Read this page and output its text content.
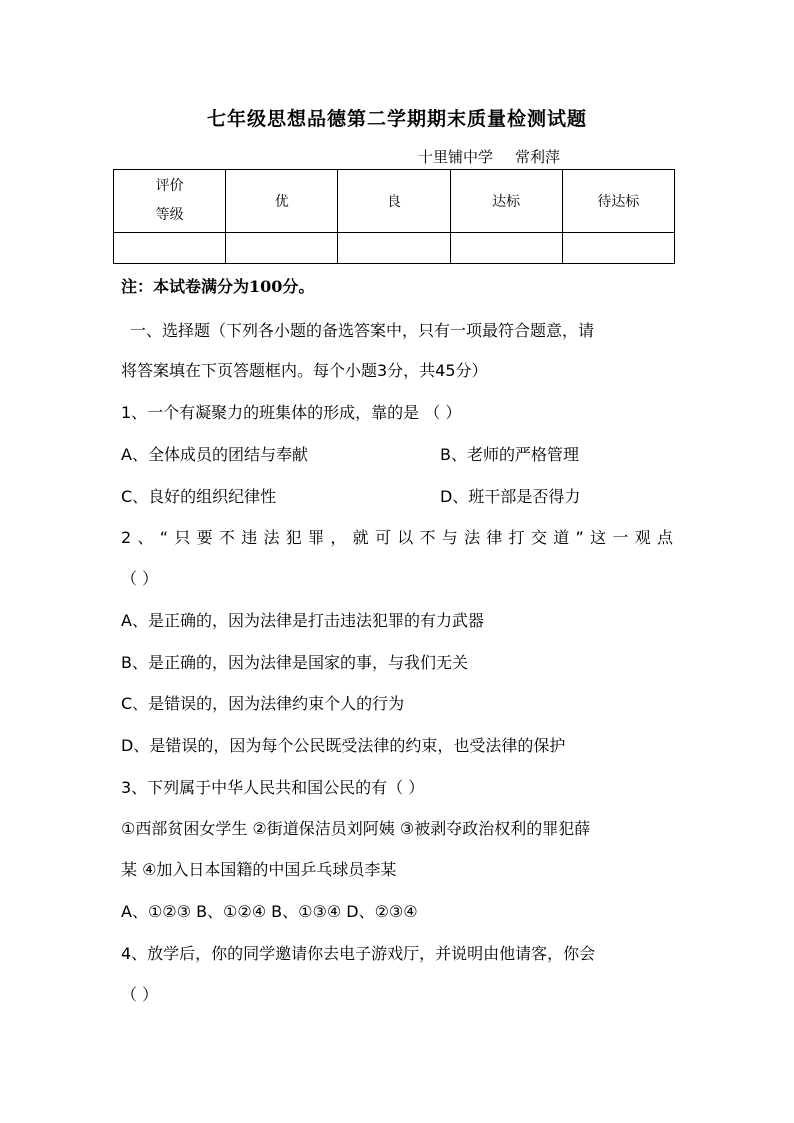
七年级思想品德第二学期期末质量检测试题
十里铺中学 常利萍
评价
等级	优	良	达标	待达标

注：本试卷满分为100分。
一、选择题（下列各小题的备选答案中，只有一项最符合题意，请
将答案填在下页答题框内。每个小题3分，共45分）
1、一个有凝聚力的班集体的形成，靠的是 （ ）
A、全体成员的团结与奉献	B、老师的严格管理
C、良好的组织纪律性	D、班干部是否得力
2、“只要不违法犯罪，就可以不与法律打交道”这一观点
（ ）
A、是正确的，因为法律是打击违法犯罪的有力武器
B、是正确的，因为法律是国家的事，与我们无关
C、是错误的，因为法律约束个人的行为
D、是错误的，因为每个公民既受法律的约束，也受法律的保护
3、下列属于中华人民共和国公民的有（ ）
①西部贫困女学生 ②街道保洁员刘阿姨 ③被剥夺政治权利的罪犯薛
某 ④加入日本国籍的中国乒乓球员李某
A、①②③ B、①②④ B、①③④ D、②③④
4、放学后，你的同学邀请你去电子游戏厅，并说明由他请客，你会
（ ）
